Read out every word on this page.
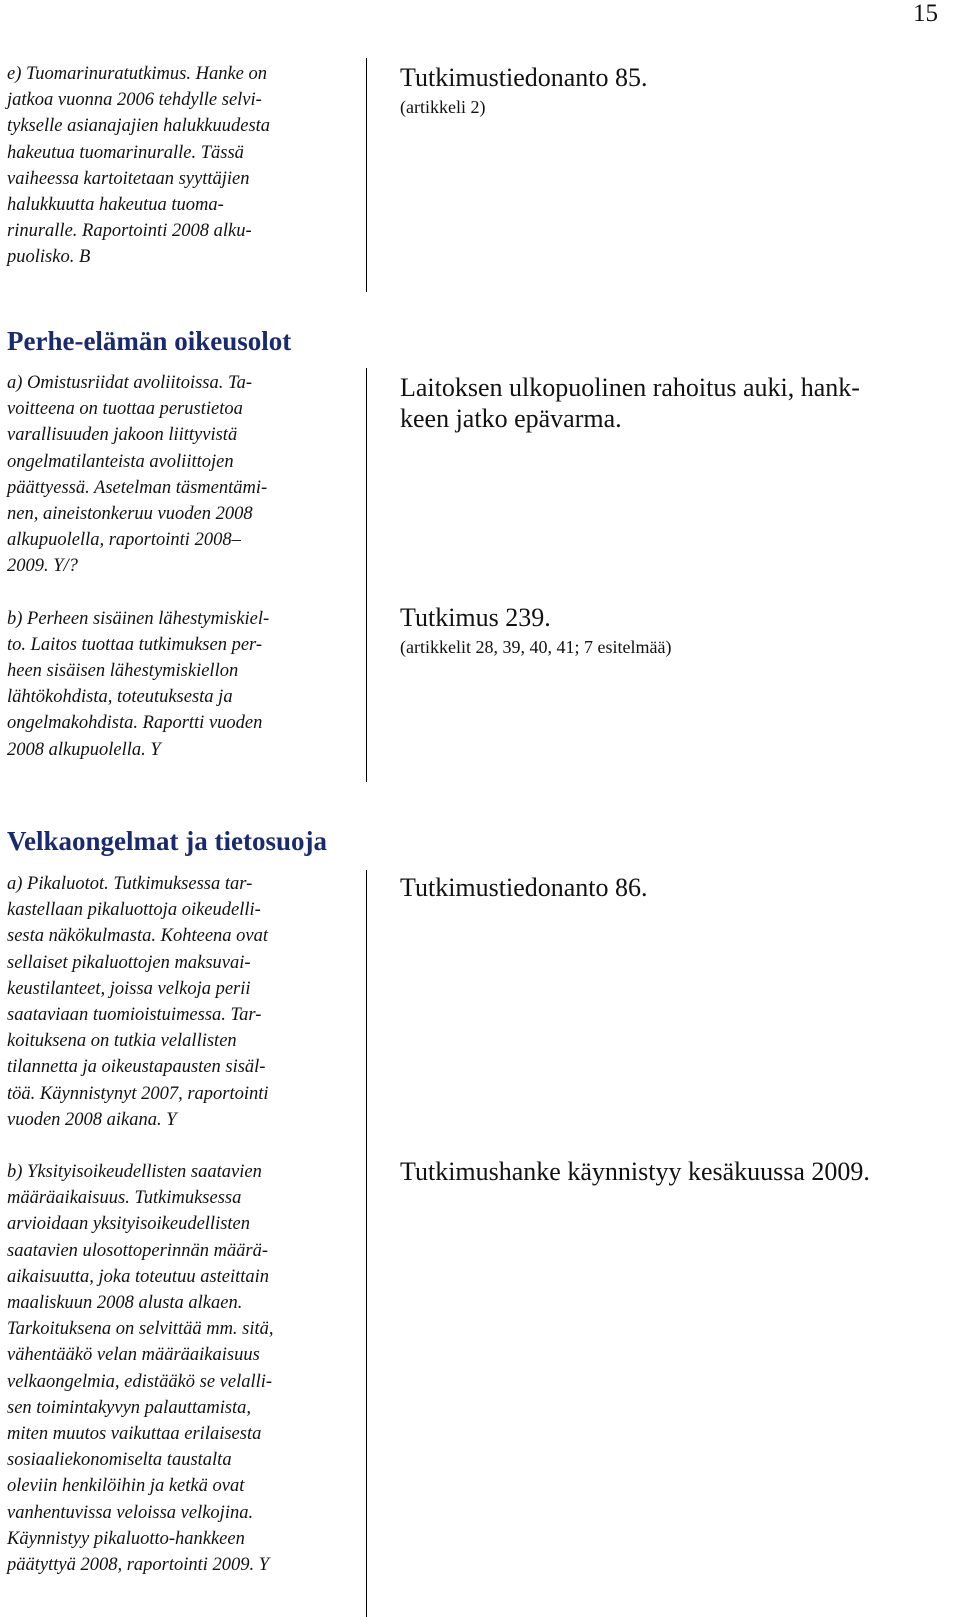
15

e) Tuomarinuratutkimus. Hanke on
jatkoa vuonna 2006 tehdylle selvi-
tykselle asianajajien halukkuudesta
hakeutua tuomarinuralle. Tässä
vaiheessa kartoitetaan syyttäjien
halukkuutta hakeutua tuoma-
rinuralle. Raportointi 2008 alku-
puolisko. B

Tutkimustiedonanto 85.

(artikkeli 2)

Perhe-elämän oikeusolot

a) Omistusriidat avoliitoissa. Ta-
voitteena on tuottaa perustietoa
varallisuuden jakoon liittyvistä
ongelmatilanteista avoliittojen
päättyessä. Asetelman täsmentämi-
nen, aineistonkeruu vuoden 2008
alkupuolella, raportointi 2008–
2009. Y/?

b) Perheen sisäinen lähestymiskiel-
to. Laitos tuottaa tutkimuksen per-
heen sisäisen lähestymiskiellon
lähtökohdista, toteutuksesta ja
ongelmakohdista. Raportti vuoden
2008 alkupuolella. Y

Laitoksen ulkopuolinen rahoitus auki, hank-
keen jatko epävarma.

Tutkimus 239.

(artikkelit 28, 39, 40, 41; 7 esitelmää)

Velkaongelmat ja tietosuoja

a) Pikaluotot. Tutkimuksessa tar-
kastellaan pikaluottoja oikeudelli-
sesta näkökulmasta. Kohteena ovat
sellaiset pikaluottojen maksuvai-
keustilanteet, joissa velkoja perii
saataviaan tuomioistuimessa. Tar-
koituksena on tutkia velallisten
tilannetta ja oikeustapausten sisäl-
töä. Käynnistynyt 2007, raportointi
vuoden 2008 aikana. Y

b) Yksityisoikeudellisten saatavien
määräaikaisuus. Tutkimuksessa
arvioidaan yksityisoikeudellisten
saatavien ulosottoperinnän määrä-
aikaisuutta, joka toteutuu asteittain
maaliskuun 2008 alusta alkaen.
Tarkoituksena on selvittää mm. sitä,
vähentääkö velan määräaikaisuus
velkaongelmia, edistääkö se velalli-
sen toimintakyvyn palauttamista,
miten muutos vaikuttaa erilaisesta
sosiaaliekonomiselta taustalta
oleviin henkilöihin ja ketkä ovat
vanhentuvissa veloissa velkojina.
Käynnistyy pikaluotto-hankkeen
päätyttyä 2008, raportointi 2009. Y

Tutkimustiedonanto 86.

Tutkimushanke käynnistyy kesäkuussa 2009.
